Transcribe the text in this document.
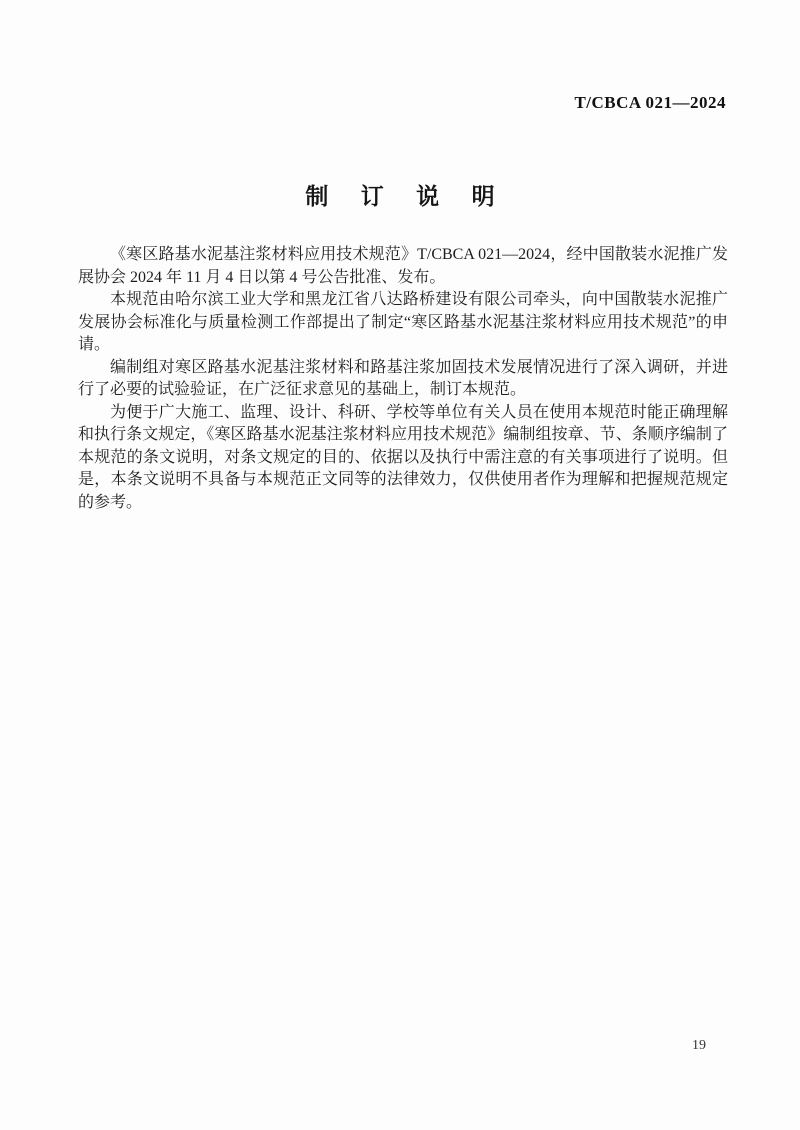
T/CBCA 021—2024
制 订 说 明

《寒区路基水泥基注浆材料应用技术规范》T/CBCA 021—2024，经中国散装水泥推广发展协会 2024 年 11 月 4 日以第 4 号公告批准、发布。

本规范由哈尔滨工业大学和黑龙江省八达路桥建设有限公司牵头，向中国散装水泥推广发展协会标准化与质量检测工作部提出了制定“寒区路基水泥基注浆材料应用技术规范”的申请。

编制组对寒区路基水泥基注浆材料和路基注浆加固技术发展情况进行了深入调研，并进行了必要的试验验证，在广泛征求意见的基础上，制订本规范。

为便于广大施工、监理、设计、科研、学校等单位有关人员在使用本规范时能正确理解和执行条文规定，《寒区路基水泥基注浆材料应用技术规范》编制组按章、节、条顺序编制了本规范的条文说明，对条文规定的目的、依据以及执行中需注意的有关事项进行了说明。但是，本条文说明不具备与本规范正文同等的法律效力，仅供使用者作为理解和把握规范规定的参考。

19
